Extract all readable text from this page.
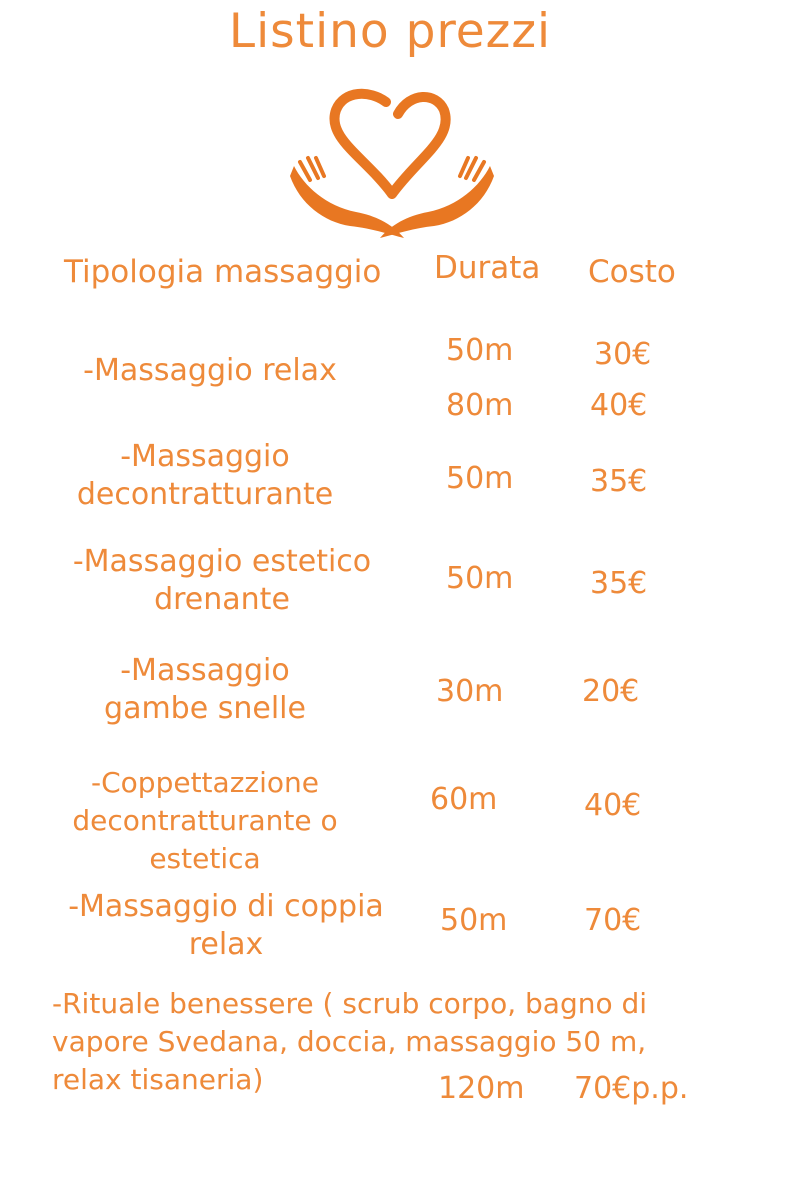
Listino prezzi
Tipologia massaggio Durata Costo
-Massaggio relax
50m	30€
80m	40€
-Massaggio
decontratturante	50m	35€
-Massaggio estetico
drenante
50m	35€
-Massaggio
gambe snelle	30m	20€
-Coppettazzione
decontratturante o
estetica
60m	40€
-Massaggio di coppia
relax
50m	70€
-Rituale benessere ( scrub corpo, bagno di
vapore Svedana, doccia, massaggio 50 m,
relax tisaneria)	120m 70€p.p.
